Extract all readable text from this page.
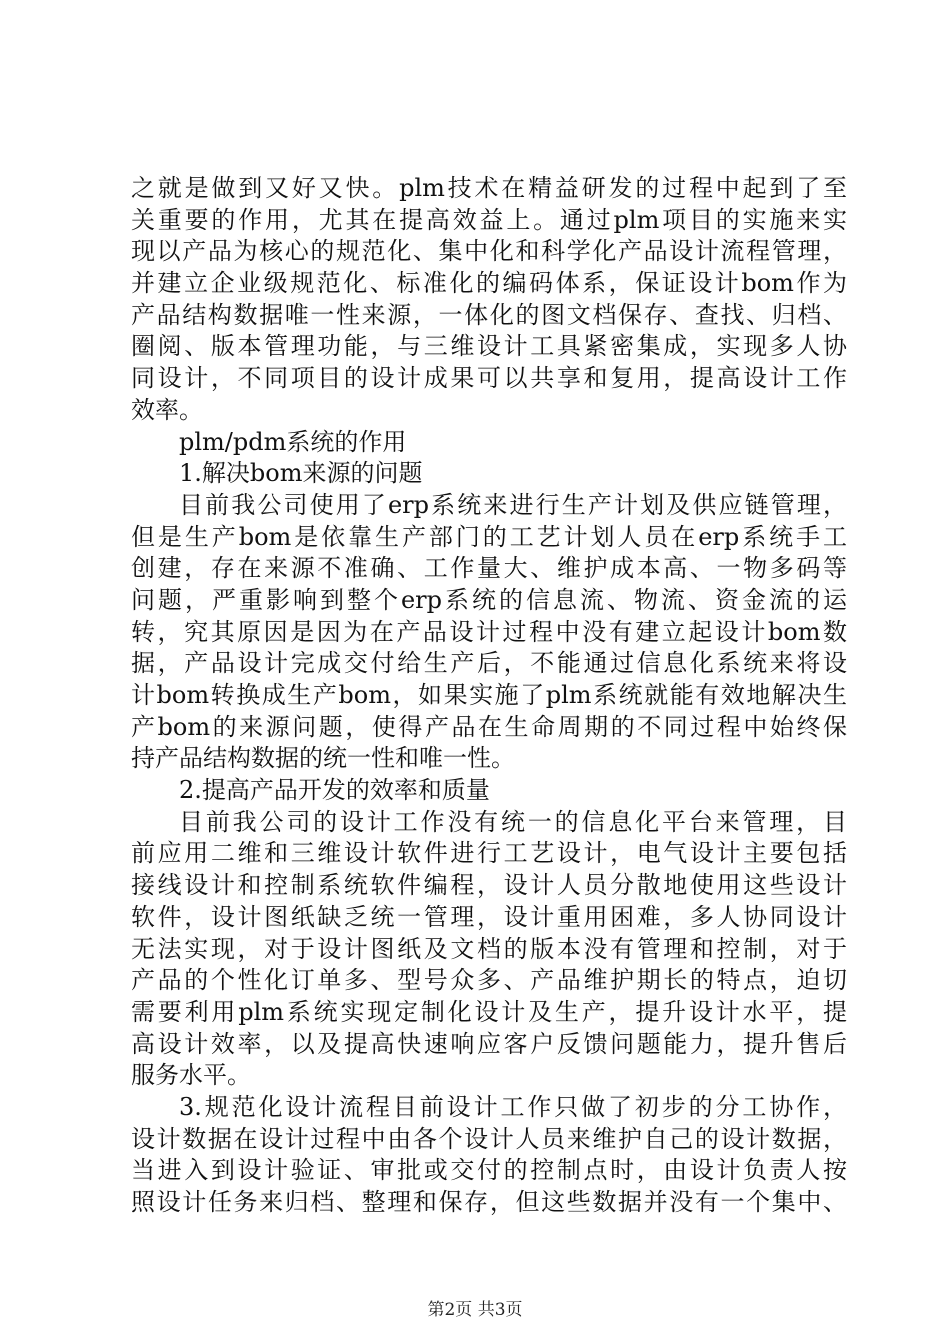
之就是做到又好又快。plm技术在精益研发的过程中起到了至
关重要的作用，尤其在提高效益上。通过plm项目的实施来实
现以产品为核心的规范化、集中化和科学化产品设计流程管理，
并建立企业级规范化、标准化的编码体系，保证设计bom作为
产品结构数据唯一性来源，一体化的图文档保存、查找、归档、
圈阅、版本管理功能，与三维设计工具紧密集成，实现多人协
同设计，不同项目的设计成果可以共享和复用，提高设计工作
效率。
plm/pdm系统的作用
1.解决bom来源的问题
目前我公司使用了erp系统来进行生产计划及供应链管理，
但是生产bom是依靠生产部门的工艺计划人员在erp系统手工
创建，存在来源不准确、工作量大、维护成本高、一物多码等
问题，严重影响到整个erp系统的信息流、物流、资金流的运
转，究其原因是因为在产品设计过程中没有建立起设计bom数
据，产品设计完成交付给生产后，不能通过信息化系统来将设
计bom转换成生产bom，如果实施了plm系统就能有效地解决生
产bom的来源问题，使得产品在生命周期的不同过程中始终保
持产品结构数据的统一性和唯一性。
2.提高产品开发的效率和质量
目前我公司的设计工作没有统一的信息化平台来管理，目
前应用二维和三维设计软件进行工艺设计，电气设计主要包括
接线设计和控制系统软件编程，设计人员分散地使用这些设计
软件，设计图纸缺乏统一管理，设计重用困难，多人协同设计
无法实现，对于设计图纸及文档的版本没有管理和控制，对于
产品的个性化订单多、型号众多、产品维护期长的特点，迫切
需要利用plm系统实现定制化设计及生产，提升设计水平，提
高设计效率，以及提高快速响应客户反馈问题能力，提升售后
服务水平。
3.规范化设计流程目前设计工作只做了初步的分工协作，
设计数据在设计过程中由各个设计人员来维护自己的设计数据，
当进入到设计验证、审批或交付的控制点时，由设计负责人按
照设计任务来归档、整理和保存，但这些数据并没有一个集中、
第2页 共3页
